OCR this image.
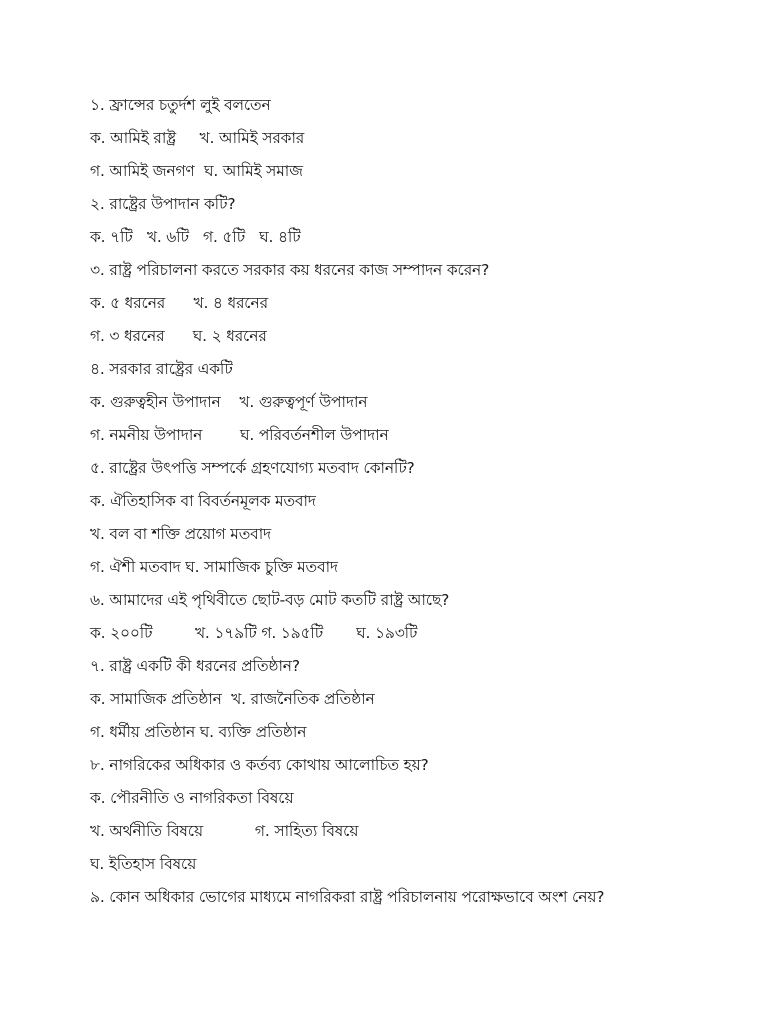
১. ফ্রান্সের চতুর্দশ লুই বলতেন
ক. আমিই রাষ্ট্র     খ. আমিই সরকার
গ. আমিই জনগণ  ঘ. আমিই সমাজ
২. রাষ্ট্রের উপাদান কটি?
ক. ৭টি   খ. ৬টি   গ. ৫টি   ঘ. ৪টি
৩. রাষ্ট্র পরিচালনা করতে সরকার কয় ধরনের কাজ সম্পাদন করেন?
ক. ৫ ধরনের      খ. ৪ ধরনের
গ. ৩ ধরনের      ঘ. ২ ধরনের
৪. সরকার রাষ্ট্রের একটি
ক. গুরুত্বহীন উপাদান    খ. গুরুত্বপূর্ণ উপাদান
গ. নমনীয় উপাদান        ঘ. পরিবর্তনশীল উপাদান
৫. রাষ্ট্রের উৎপত্তি সম্পর্কে গ্রহণযোগ্য মতবাদ কোনটি?
ক. ঐতিহাসিক বা বিবর্তনমূলক মতবাদ
খ. বল বা শক্তি প্রয়োগ মতবাদ
গ. ঐশী মতবাদ ঘ. সামাজিক চুক্তি মতবাদ
৬. আমাদের এই পৃথিবীতে ছোট-বড় মোট কতটি রাষ্ট্র আছে?
ক. ২০০টি         খ. ১৭৯টি গ. ১৯৫টি       ঘ. ১৯৩টি
৭. রাষ্ট্র একটি কী ধরনের প্রতিষ্ঠান?
ক. সামাজিক প্রতিষ্ঠান  খ. রাজনৈতিক প্রতিষ্ঠান
গ. ধর্মীয় প্রতিষ্ঠান ঘ. ব্যক্তি প্রতিষ্ঠান
৮. নাগরিকের অধিকার ও কর্তব্য কোথায় আলোচিত হয়?
ক. পৌরনীতি ও নাগরিকতা বিষয়ে
খ. অর্থনীতি বিষয়ে           গ. সাহিত্য বিষয়ে
ঘ. ইতিহাস বিষয়ে
৯. কোন অধিকার ভোগের মাধ্যমে নাগরিকরা রাষ্ট্র পরিচালনায় পরোক্ষভাবে অংশ নেয়?
